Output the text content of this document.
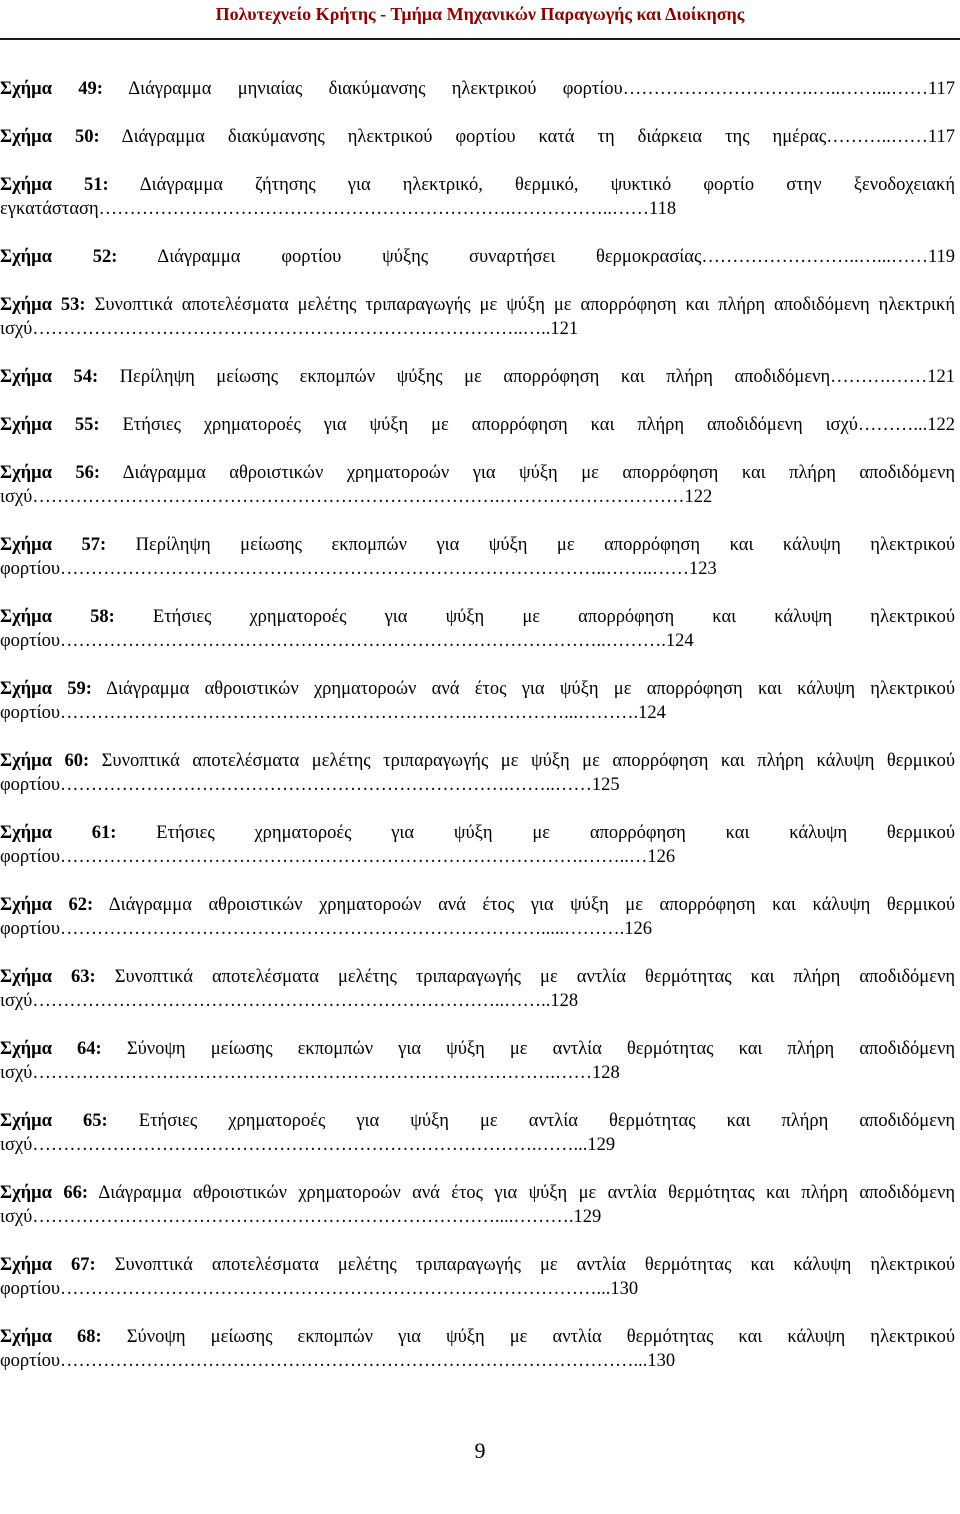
Πολυτεχνείο Κρήτης - Τμήμα Μηχανικών Παραγωγής και Διοίκησης
Σχήμα 49: Διάγραμμα μηνιαίας διακύμανσης ηλεκτρικού φορτίου………………………….…..……...……117
Σχήμα 50: Διάγραμμα διακύμανσης ηλεκτρικού φορτίου κατά τη διάρκεια της ημέρας………..……117
Σχήμα 51: Διάγραμμα ζήτησης για ηλεκτρικό, θερμικό, ψυκτικό φορτίο στην ξενοδοχειακή εγκατάσταση………………………………………………………….……………..……118
Σχήμα 52: Διάγραμμα φορτίου ψύξης συναρτήσει θερμοκρασίας……………………..…...……119
Σχήμα 53: Συνοπτικά αποτελέσματα μελέτης τριπαραγωγής με ψύξη με απορρόφηση και πλήρη αποδιδόμενη ηλεκτρική ισχύ……………………………………………………………………..…..121
Σχήμα 54: Περίληψη μείωσης εκπομπών ψύξης με απορρόφηση και πλήρη αποδιδόμενη……….……121
Σχήμα 55: Ετήσιες χρηματοροές για ψύξη με απορρόφηση και πλήρη αποδιδόμενη ισχύ………...122
Σχήμα 56: Διάγραμμα αθροιστικών χρηματοροών για ψύξη με απορρόφηση και πλήρη αποδιδόμενη ισχύ………………………………………………………………….…………………………122
Σχήμα 57: Περίληψη μείωσης εκπομπών για ψύξη με απορρόφηση και κάλυψη ηλεκτρικού φορτίου……………………………………………………………………………..……..……123
Σχήμα 58: Ετήσιες χρηματοροές για ψύξη με απορρόφηση και κάλυψη ηλεκτρικού φορτίου……………………………………………………………………………..……….124
Σχήμα 59: Διάγραμμα αθροιστικών χρηματοροών ανά έτος για ψύξη με απορρόφηση και κάλυψη ηλεκτρικού φορτίου………………………………………………………….……………...……….124
Σχήμα 60: Συνοπτικά αποτελέσματα μελέτης τριπαραγωγής με ψύξη με απορρόφηση και πλήρη κάλυψη θερμικού φορτίου……………………………………………………………….……..……125
Σχήμα 61: Ετήσιες χρηματοροές για ψύξη με απορρόφηση και κάλυψη θερμικού φορτίου………………………………………………………………………….……..…126
Σχήμα 62: Διάγραμμα αθροιστικών χρηματοροών ανά έτος για ψύξη με απορρόφηση και κάλυψη θερμικού φορτίου…………………………………………………………………….....……….126
Σχήμα 63: Συνοπτικά αποτελέσματα μελέτης τριπαραγωγής με αντλία θερμότητας και πλήρη αποδιδόμενη ισχύ…………………………………………………………………..……..128
Σχήμα 64: Σύνοψη μείωσης εκπομπών για ψύξη με αντλία θερμότητας και πλήρη αποδιδόμενη ισχύ………………………………………………………………………….……128
Σχήμα 65: Ετήσιες χρηματοροές για ψύξη με αντλία θερμότητας και πλήρη αποδιδόμενη ισχύ……………………………………………………………………….……...129
Σχήμα 66: Διάγραμμα αθροιστικών χρηματοροών ανά έτος για ψύξη με αντλία θερμότητας και πλήρη αποδιδόμενη ισχύ…………………………………………………………………....……….129
Σχήμα 67: Συνοπτικά αποτελέσματα μελέτης τριπαραγωγής με αντλία θερμότητας και κάλυψη ηλεκτρικού φορτίου……………………………………………………………………………...130
Σχήμα 68: Σύνοψη μείωσης εκπομπών για ψύξη με αντλία θερμότητας και κάλυψη ηλεκτρικού φορτίου…………………………………………………………………………………...130
9
